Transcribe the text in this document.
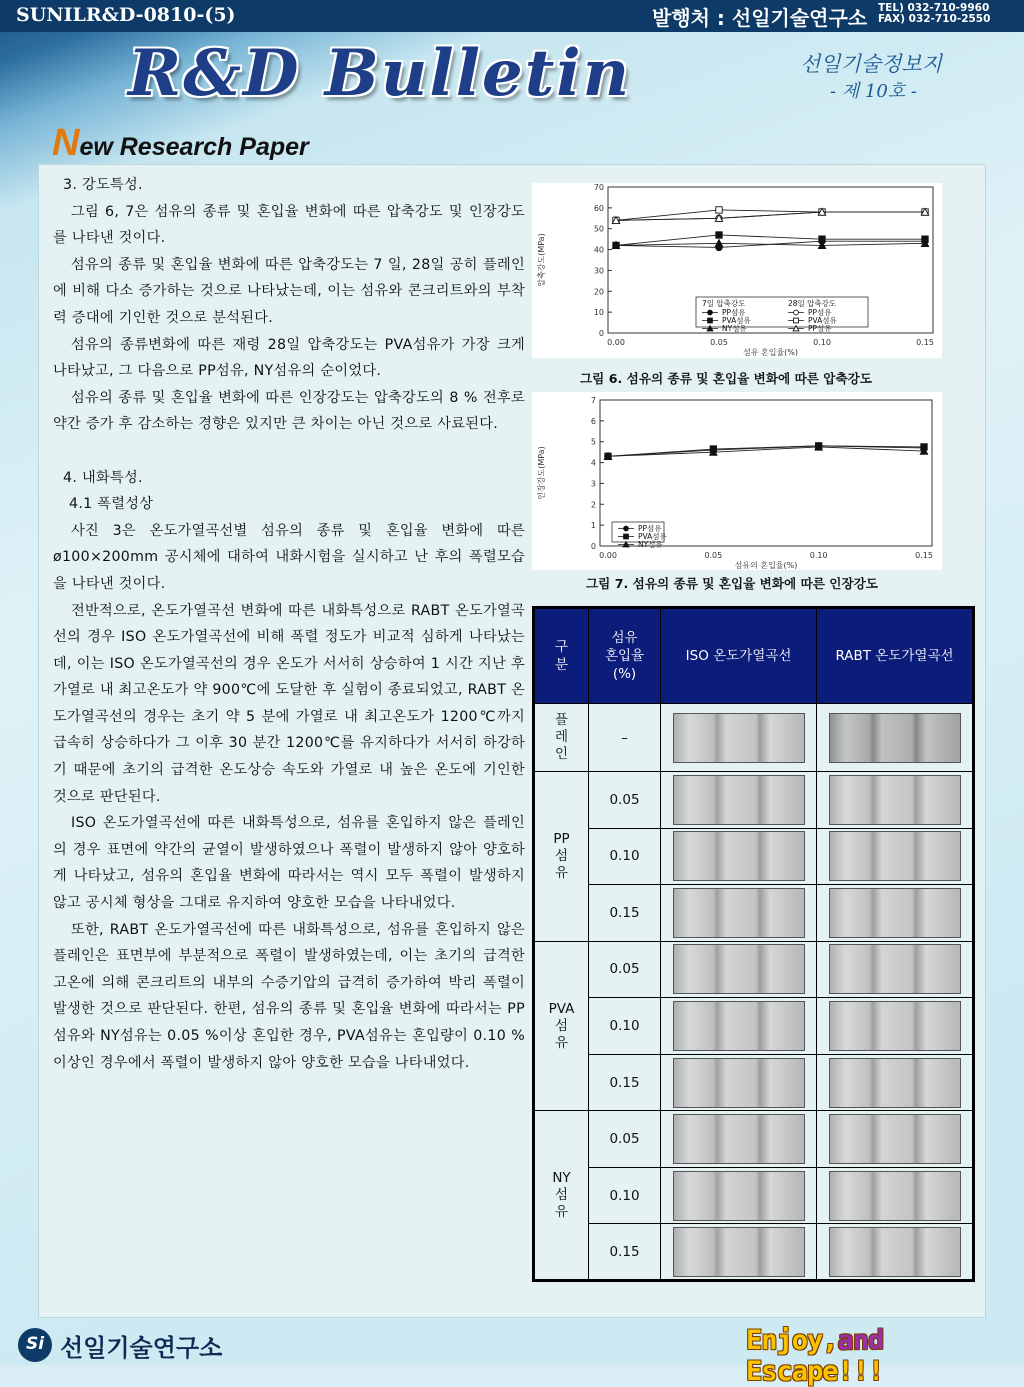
SUNILR&D-0810-(5)	발행처 : 선일기술연구소 TEL) 032-710-9960
FAX) 032-710-2550
R&D Bulletin	선일기술정보지
- 제 10호 -
New Research Paper

3. 강도특성.

그림 6, 7은 섬유의 종류 및 혼입율 변화에 따른 압축강도 및 인장강도를 나타낸 것이다.

섬유의 종류 및 혼입율 변화에 따른 압축강도는 7 일, 28일 공히 플레인에 비해 다소 증가하는 것으로 나타났는데, 이는 섬유와 콘크리트와의 부착력 증대에 기인한 것으로 분석된다.

섬유의 종류변화에 따른 재령 28일 압축강도는 PVA섬유가 가장 크게 나타났고, 그 다음으로 PP섬유, NY섬유의 순이었다.

섬유의 종류 및 혼입율 변화에 따른 인장강도는 압축강도의 8 % 전후로 약간 증가 후 감소하는 경향은 있지만 큰 차이는 아닌 것으로 사료된다.

4. 내화특성.

4.1 폭렬성상

사진 3은 온도가열곡선별 섬유의 종류 및 혼입율 변화에 따른 ø100×200mm 공시체에 대하여 내화시험을 실시하고 난 후의 폭렬모습을 나타낸 것이다.

전반적으로, 온도가열곡선 변화에 따른 내화특성으로 RABT 온도가열곡선의 경우 ISO 온도가열곡선에 비해 폭렬 정도가 비교적 심하게 나타났는데, 이는 ISO 온도가열곡선의 경우 온도가 서서히 상승하여 1 시간 지난 후 가열로 내 최고온도가 약 900℃에 도달한 후 실험이 종료되었고, RABT 온도가열곡선의 경우는 초기 약 5 분에 가열로 내 최고온도가 1200℃까지 급속히 상승하다가 그 이후 30 분간 1200℃를 유지하다가 서서히 하강하기 때문에 초기의 급격한 온도상승 속도와 가열로 내 높은 온도에 기인한 것으로 판단된다.

ISO 온도가열곡선에 따른 내화특성으로, 섬유를 혼입하지 않은 플레인의 경우 표면에 약간의 균열이 발생하였으나 폭렬이 발생하지 않아 양호하게 나타났고, 섬유의 혼입율 변화에 따라서는 역시 모두 폭렬이 발생하지 않고 공시체 형상을 그대로 유지하여 양호한 모습을 나타내었다.

또한, RABT 온도가열곡선에 따른 내화특성으로, 섬유를 혼입하지 않은 플레인은 표면부에 부분적으로 폭렬이 발생하였는데, 이는 초기의 급격한 고온에 의해 콘크리트의 내부의 수증기압의 급격히 증가하여 박리 폭렬이 발생한 것으로 판단된다. 한편, 섬유의 종류 및 혼입율 변화에 따라서는 PP섬유와 NY섬유는 0.05 %이상 혼입한 경우, PVA섬유는 혼입량이 0.10 %이상인 경우에서 폭렬이 발생하지 않아 양호한 모습을 나타내었다.

0
10
20
30
40
50
60
70
0.00	0.05	0.10	0.15
섬유 혼입율(%)
압축강도(MPa)
7일 압축강도	28일 압축강도
PP섬유
PVA섬유
NY섬유
PP섬유
PVA섬유
PP섬유
그림 6. 섬유의 종류 및 혼입율 변화에 따른 압축강도
0
1
2
3
4
5
6
7
0.00	0.05	0.10	0.15
섬유의 혼입율(%)
인장강도(MPa)
PP섬유
PVA섬유
NY섬유
그림 7. 섬유의 종류 및 혼입율 변화에 따른 인장강도
구
분	섬유
혼입율
(%)	ISO 온도가열곡선	RABT 온도가열곡선
플
레
인	–	

PP
섬
유	0.05	

	0.10	

	0.15	

PVA
섬
유	0.05	

	0.10	

	0.15	

NY
섬
유	0.05	

	0.10	

	0.15	

Si 선일기술연구소	Enjoy,and Escape!!!
